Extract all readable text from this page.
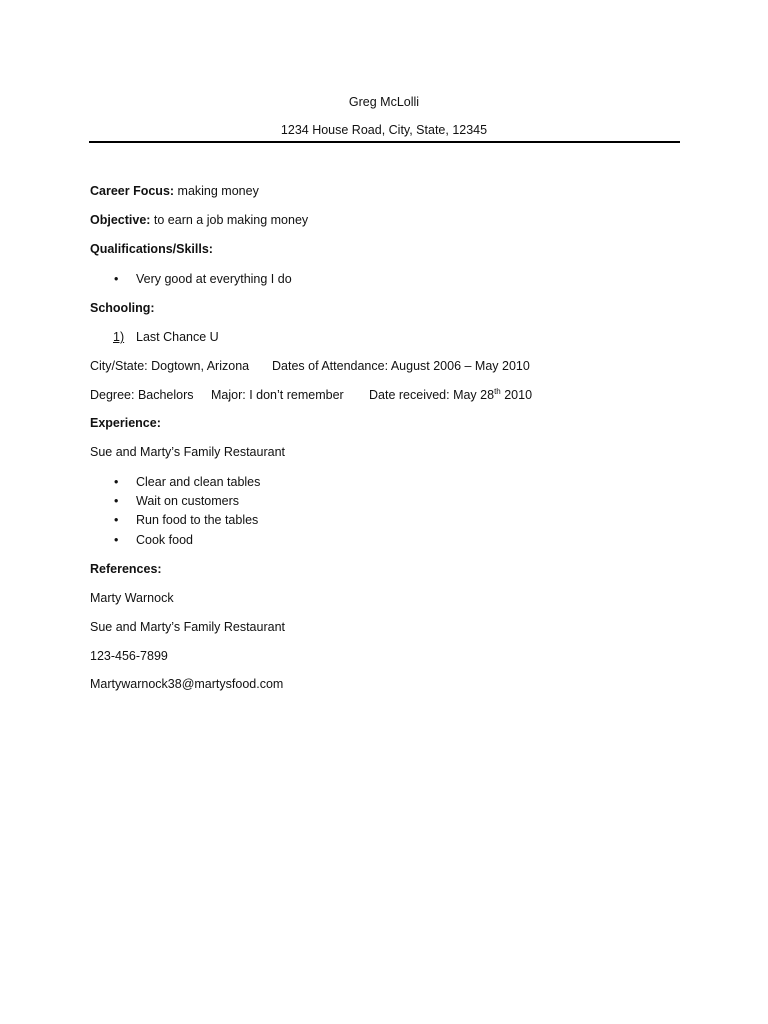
Greg McLolli
1234 House Road, City, State, 12345
Career Focus: making money
Objective: to earn a job making money
Qualifications/Skills:
• Very good at everything I do
Schooling:
1) Last Chance U
City/State: Dogtown, Arizona Dates of Attendance: August 2006 – May 2010
Degree: Bachelors Major: I don’t remember Date received: May 28th 2010
Experience:
Sue and Marty’s Family Restaurant
• Clear and clean tables
• Wait on customers
• Run food to the tables
• Cook food
References:
Marty Warnock
Sue and Marty’s Family Restaurant
123-456-7899
Martywarnock38@martysfood.com
